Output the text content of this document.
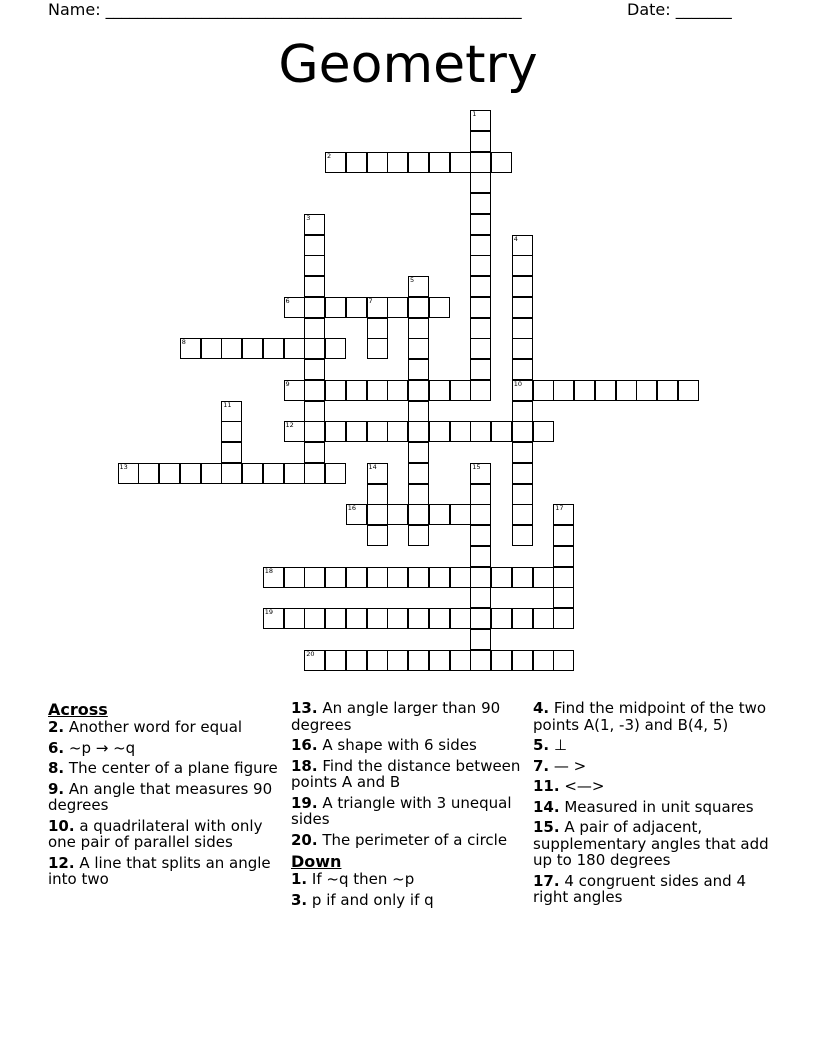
Name: ____________________________________________________	Date: _______
Geometry
1
2
3
4
10
5
6	7
8
9
11
12
13	14	15
16	17
18
19
20
Across
2. Another word for equal
6. ~p → ~q
8. The center of a plane figure
9. An angle that measures 90 degrees
10. a quadrilateral with only one pair of parallel sides
12. A line that splits an angle into two
13. An angle larger than 90 degrees
16. A shape with 6 sides
18. Find the distance between points A and B
19. A triangle with 3 unequal sides
20. The perimeter of a circle
Down
1. If ~q then ~p
3. p if and only if q
4. Find the midpoint of the two points A(1, -3) and B(4, 5)
5. ⊥
7. — >
11. <—>
14. Measured in unit squares
15. A pair of adjacent, supplementary angles that add up to 180 degrees
17. 4 congruent sides and 4 right angles
